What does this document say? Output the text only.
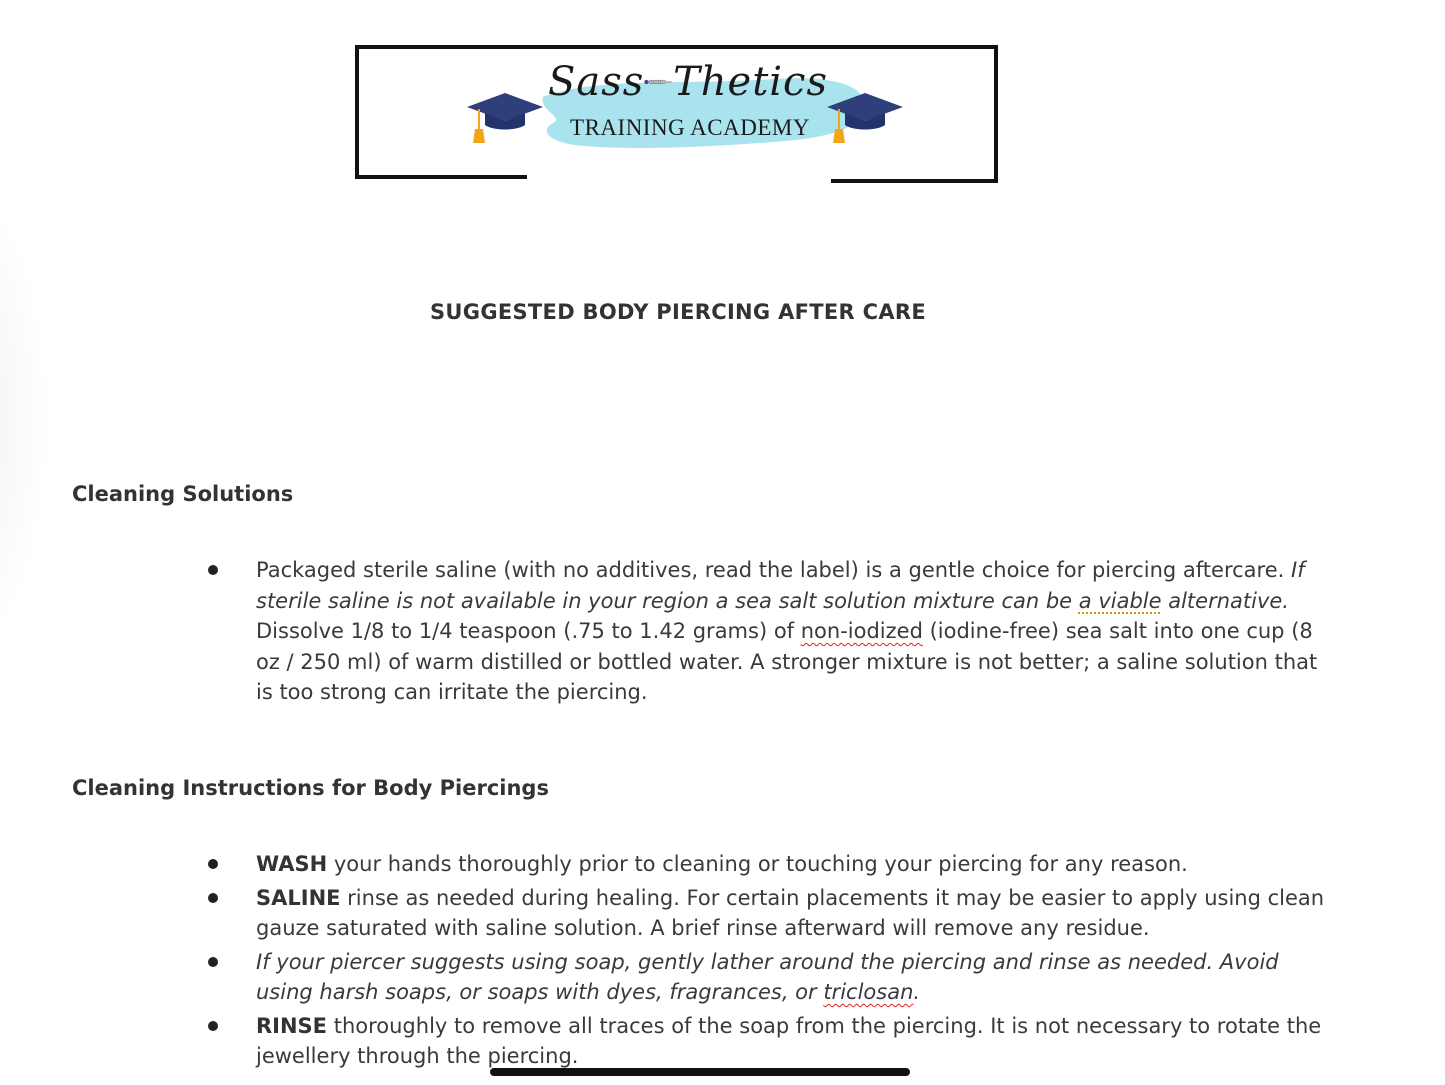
Sass Thetics
TRAINING ACADEMY
SUGGESTED BODY PIERCING AFTER CARE
Cleaning Solutions
Packaged sterile saline (with no additives, read the label) is a gentle choice for piercing aftercare. If sterile saline is not available in your region a sea salt solution mixture can be a viable alternative. Dissolve 1/8 to 1/4 teaspoon (.75 to 1.42 grams) of non-iodized (iodine-free) sea salt into one cup (8 oz / 250 ml) of warm distilled or bottled water. A stronger mixture is not better; a saline solution that is too strong can irritate the piercing.
Cleaning Instructions for Body Piercings
WASH your hands thoroughly prior to cleaning or touching your piercing for any reason.
SALINE rinse as needed during healing. For certain placements it may be easier to apply using clean gauze saturated with saline solution. A brief rinse afterward will remove any residue.
If your piercer suggests using soap, gently lather around the piercing and rinse as needed. Avoid using harsh soaps, or soaps with dyes, fragrances, or triclosan.
RINSE thoroughly to remove all traces of the soap from the piercing. It is not necessary to rotate the jewellery through the piercing.
